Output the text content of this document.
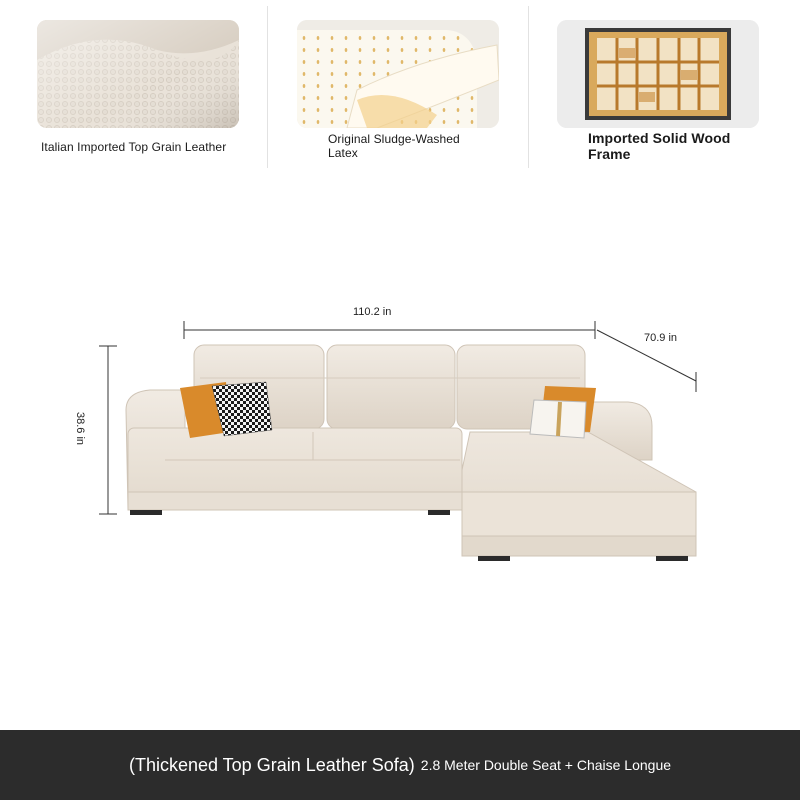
Italian Imported Top Grain Leather
Original Sludge-Washed Latex
Imported Solid Wood Frame
110.2 in
70.9 in
38.6 in
(Thickened Top Grain Leather Sofa) 2.8 Meter Double Seat + Chaise Longue
